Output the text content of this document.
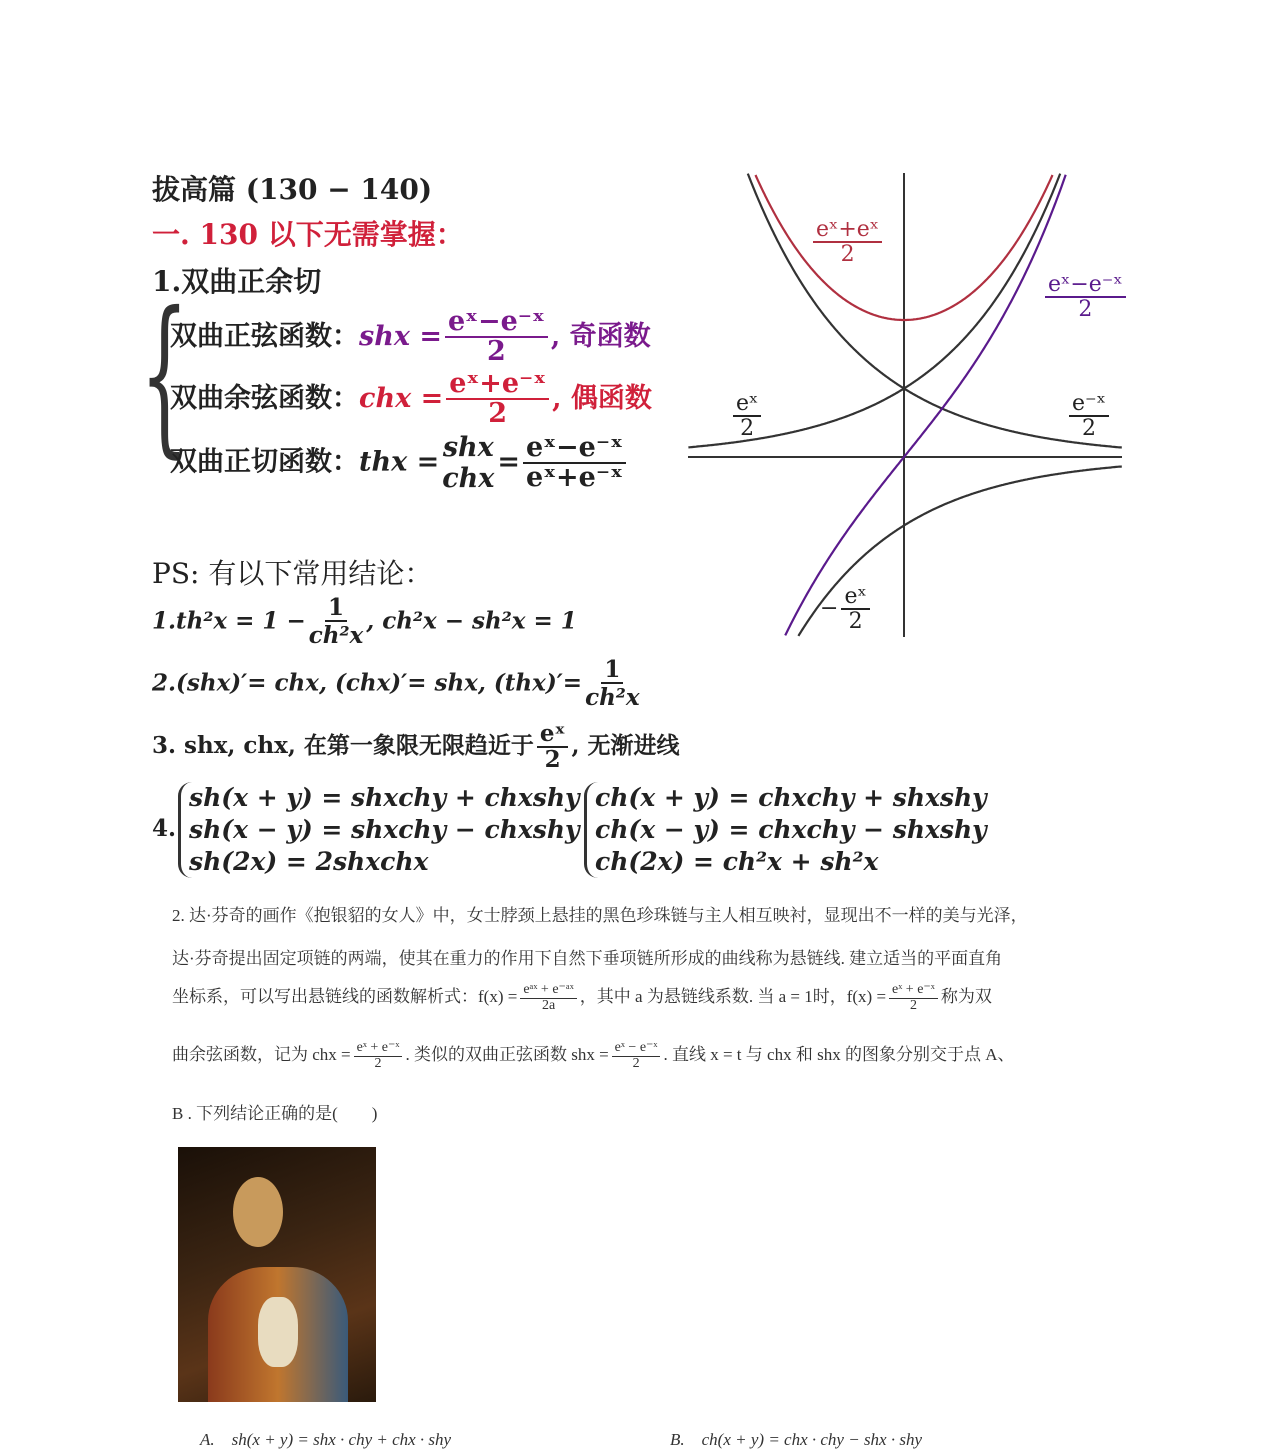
拔高篇 (130 − 140)
一. 130 以下无需掌握：
1.双曲正余切
{
双曲正弦函数：shx = $\frac{\text{eˣ−e⁻ˣ}}{2}$ , 奇函数
双曲余弦函数：chx = $\frac{\text{eˣ+e⁻ˣ}}{2}$ , 偶函数
双曲正切函数：thx = shx
chx
= $\frac{\text{eˣ−e⁻ˣ}}{\text{eˣ+e⁻ˣ}}$
$\frac{\text{eˣ+eˣ}}{2}$
$\frac{\text{eˣ−e⁻ˣ}}{2}$
$\frac{\text{eˣ}}{2}$	$\frac{\text{e⁻ˣ}}{2}$
− $\frac{\text{eˣ}}{2}$
PS: 有以下常用结论：
$1.th^2x = 1 - \frac{1}{\text{ch²x}}$ , ch²x − sh²x = 1
2.(shx)′= chx, (chx)′= shx, $(thx)'= \frac{1}{\text{ch²x}}$
3. shx, chx, 在第一象限无限趋近于 $\frac{\text{eˣ}}{2}$ , 无渐进线
4.
sh(x + y) = shxchy + chxshy
sh(x − y) = shxchy − chxshy
sh(2x) = 2shxchx
ch(x + y) = chxchy + shxshy
ch(x − y) = chxchy − shxshy
ch(2x) = ch²x + sh²x
2. 达·芬奇的画作《抱银貂的女人》中，女士脖颈上悬挂的黑色珍珠链与主人相互映衬，显现出不一样的美与光泽，
达·芬奇提出固定项链的两端，使其在重力的作用下自然下垂项链所形成的曲线称为悬链线. 建立适当的平面直角
坐标系，可以写出悬链线的函数解析式：$f(x) = \frac{\text{eᵃˣ + e⁻ᵃˣ}}{2a}$ ，其中 a 为悬链线系数. 当 a = 1时，$f(x) = \frac{\text{eˣ + e⁻ˣ}}{2}$ 称为双
曲余弦函数，记为 chx = $\frac{\text{eˣ + e⁻ˣ}}{2}$ . 类似的双曲正弦函数 shx = $\frac{\text{eˣ − e⁻ˣ}}{2}$ . 直线 x = t 与 chx 和 shx 的图象分别交于点 A、
B . 下列结论正确的是(　　)
A.　sh(x + y) = shx · chy + chx · shy	B.　ch(x + y) = chx · chy − shx · shy
